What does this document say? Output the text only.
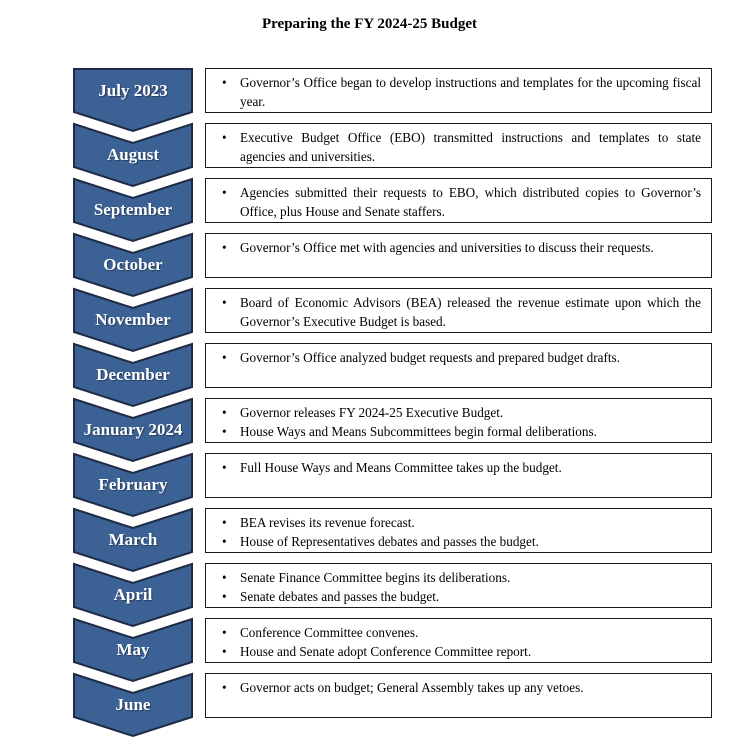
Preparing the FY 2024-25 Budget
July 2023	•	Governor’s Office began to develop instructions and templates for the upcoming fiscal year.
August
•	Executive Budget Office (EBO) transmitted instructions and templates to state agencies and universities.
September
•	Agencies submitted their requests to EBO, which distributed copies to Governor’s Office, plus House and Senate staffers.
October
•	Governor’s Office met with agencies and universities to discuss their requests.
November
•	Board of Economic Advisors (BEA) released the revenue estimate upon which the Governor’s Executive Budget is based.
December
•	Governor’s Office analyzed budget requests and prepared budget drafts.
January 2024
•	Governor releases FY 2024-25 Executive Budget.
•	House Ways and Means Subcommittees begin formal deliberations.
February
•	Full House Ways and Means Committee takes up the budget.
March
•	BEA revises its revenue forecast.
•	House of Representatives debates and passes the budget.
April
•	Senate Finance Committee begins its deliberations.
•	Senate debates and passes the budget.
May
•	Conference Committee convenes.
•	House and Senate adopt Conference Committee report.
June
•	Governor acts on budget; General Assembly takes up any vetoes.
